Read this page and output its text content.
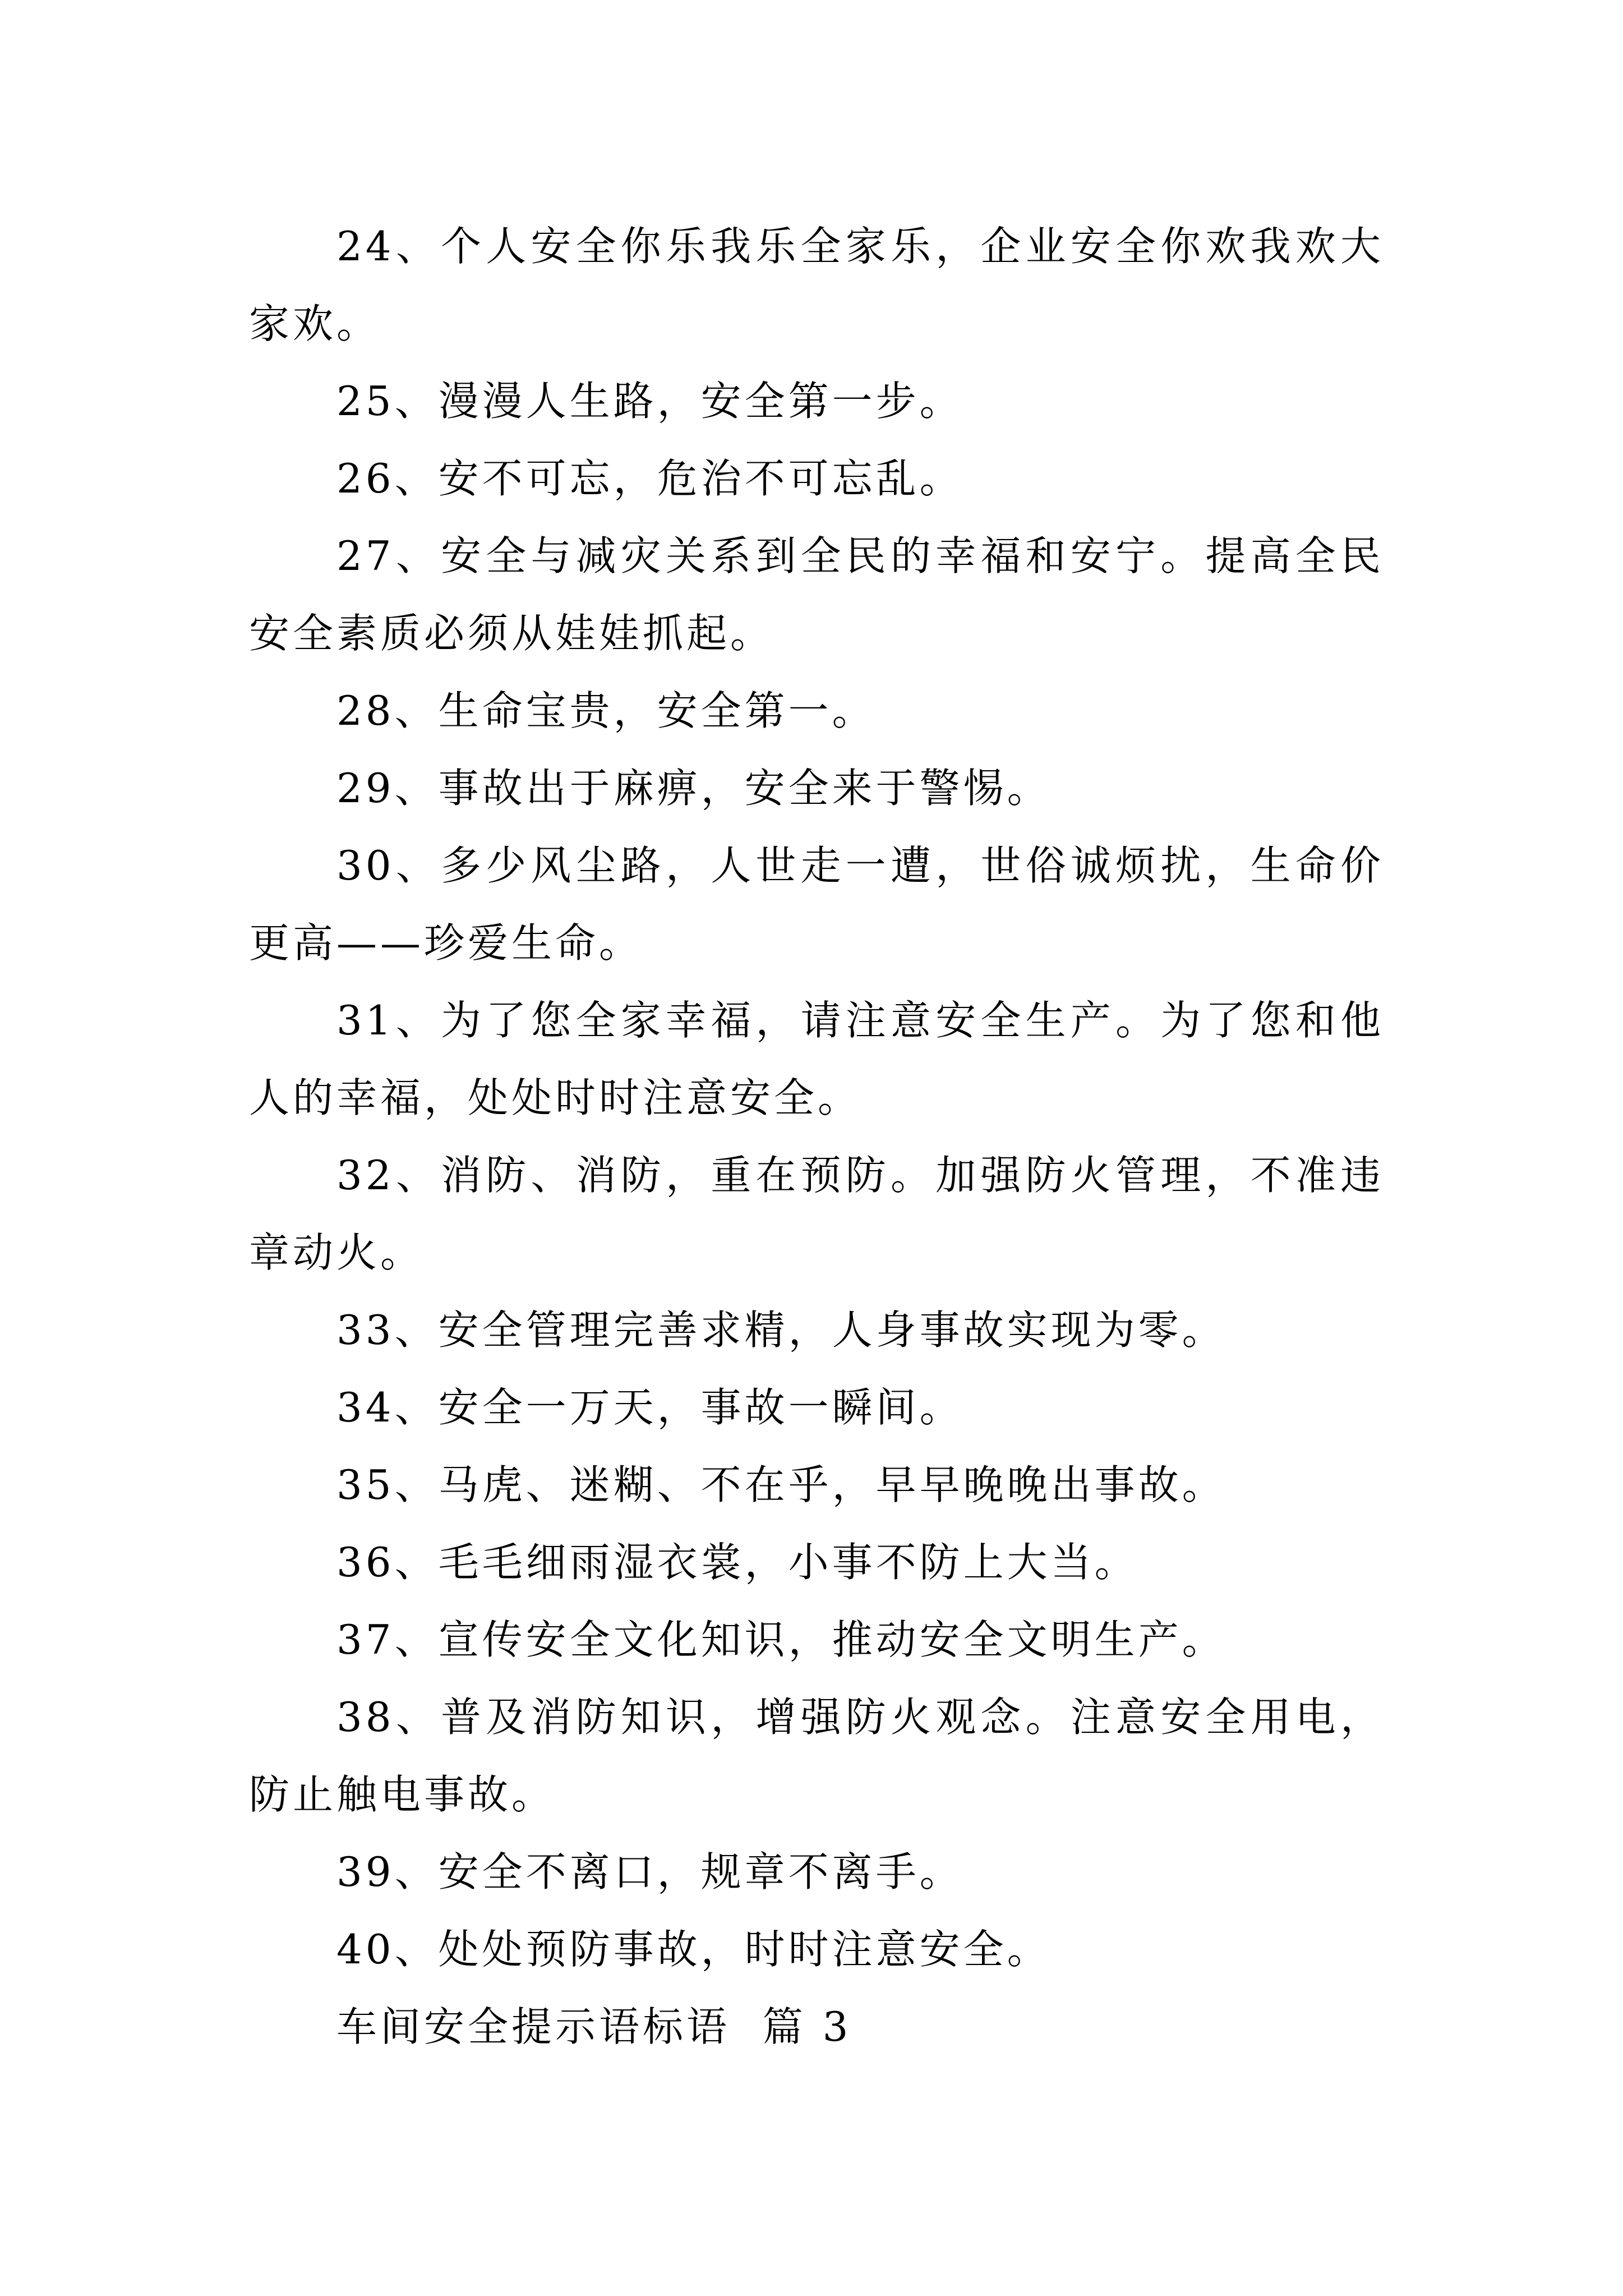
24、个人安全你乐我乐全家乐，企业安全你欢我欢大家欢。

25、漫漫人生路，安全第一步。

26、安不可忘，危治不可忘乱。

27、安全与减灾关系到全民的幸福和安宁。提高全民安全素质必须从娃娃抓起。

28、生命宝贵，安全第一。

29、事故出于麻痹，安全来于警惕。

30、多少风尘路，人世走一遭，世俗诚烦扰，生命价更高——珍爱生命。

31、为了您全家幸福，请注意安全生产。为了您和他人的幸福，处处时时注意安全。

32、消防、消防，重在预防。加强防火管理，不准违章动火。

33、安全管理完善求精，人身事故实现为零。

34、安全一万天，事故一瞬间。

35、马虎、迷糊、不在乎，早早晚晚出事故。

36、毛毛细雨湿衣裳，小事不防上大当。

37、宣传安全文化知识，推动安全文明生产。

38、普及消防知识，增强防火观念。注意安全用电，防止触电事故。

39、安全不离口，规章不离手。

40、处处预防事故，时时注意安全。

车间安全提示语标语  篇 3
